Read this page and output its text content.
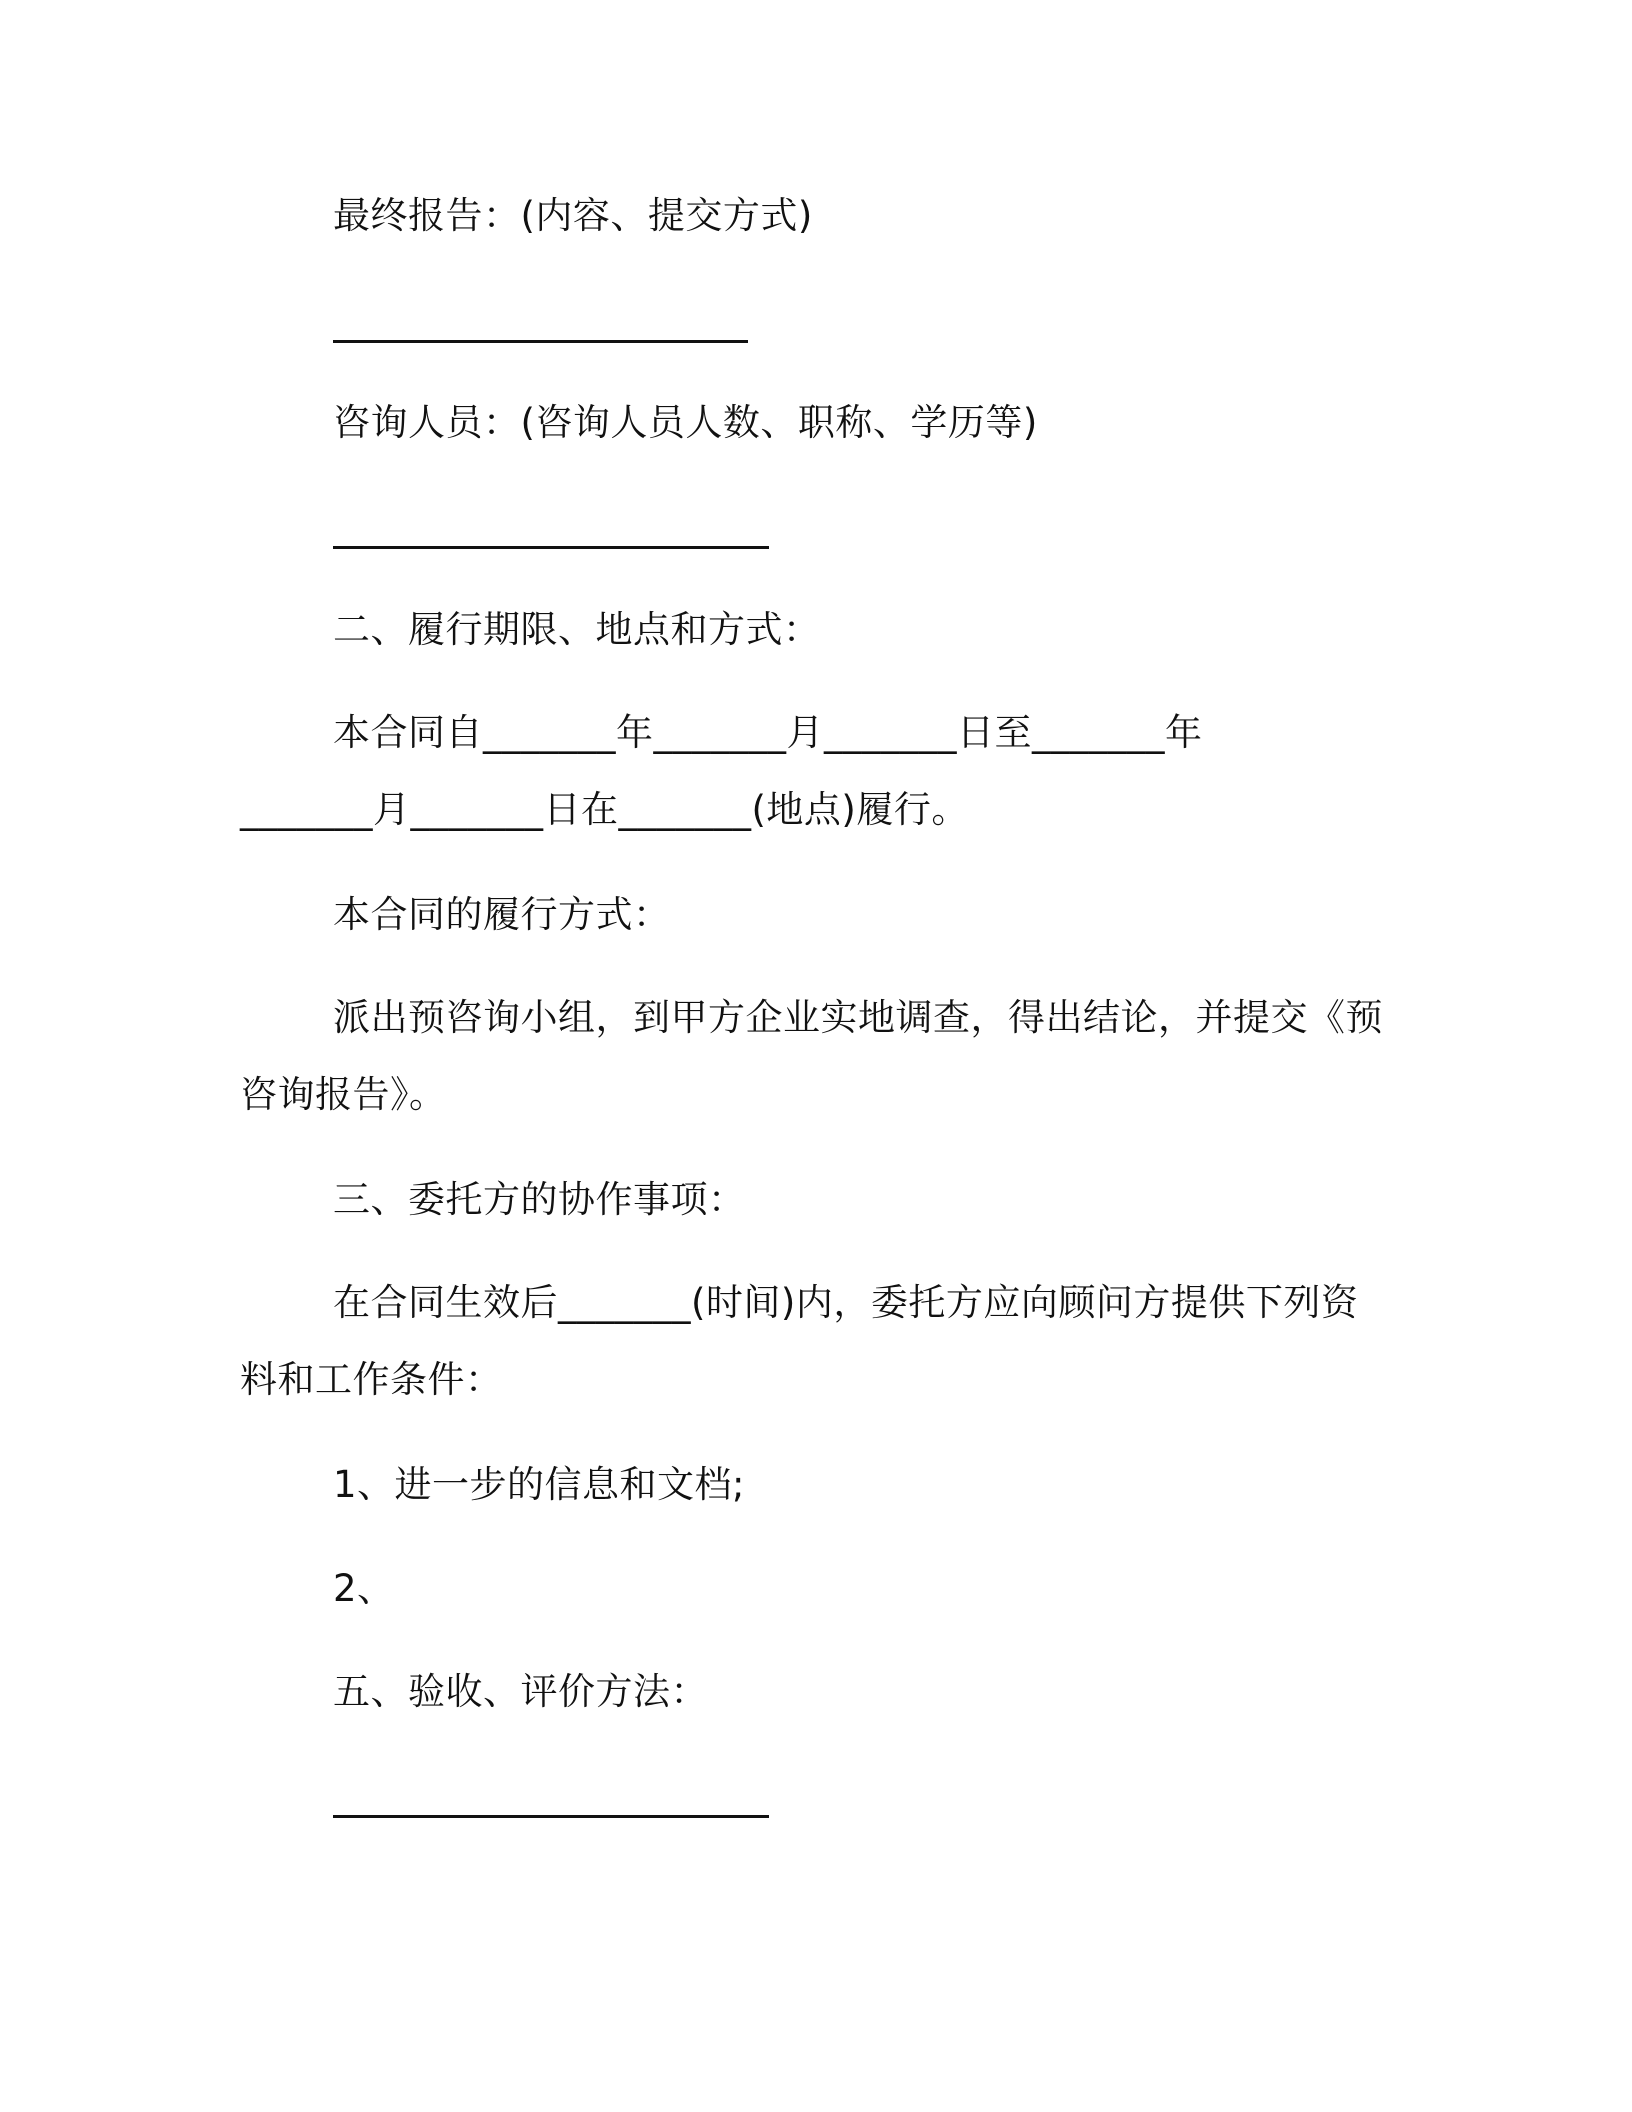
最终报告：(内容、提交方式)
咨询人员：(咨询人员人数、职称、学历等)
二、履行期限、地点和方式：
本合同自_______年_______月_______日至_______年
_______月_______日在_______(地点)履行。
本合同的履行方式：
派出预咨询小组，到甲方企业实地调查，得出结论，并提交《预
咨询报告》。
三、委托方的协作事项：
在合同生效后_______(时间)内，委托方应向顾问方提供下列资
料和工作条件：
1、进一步的信息和文档;
2、
五、验收、评价方法：
